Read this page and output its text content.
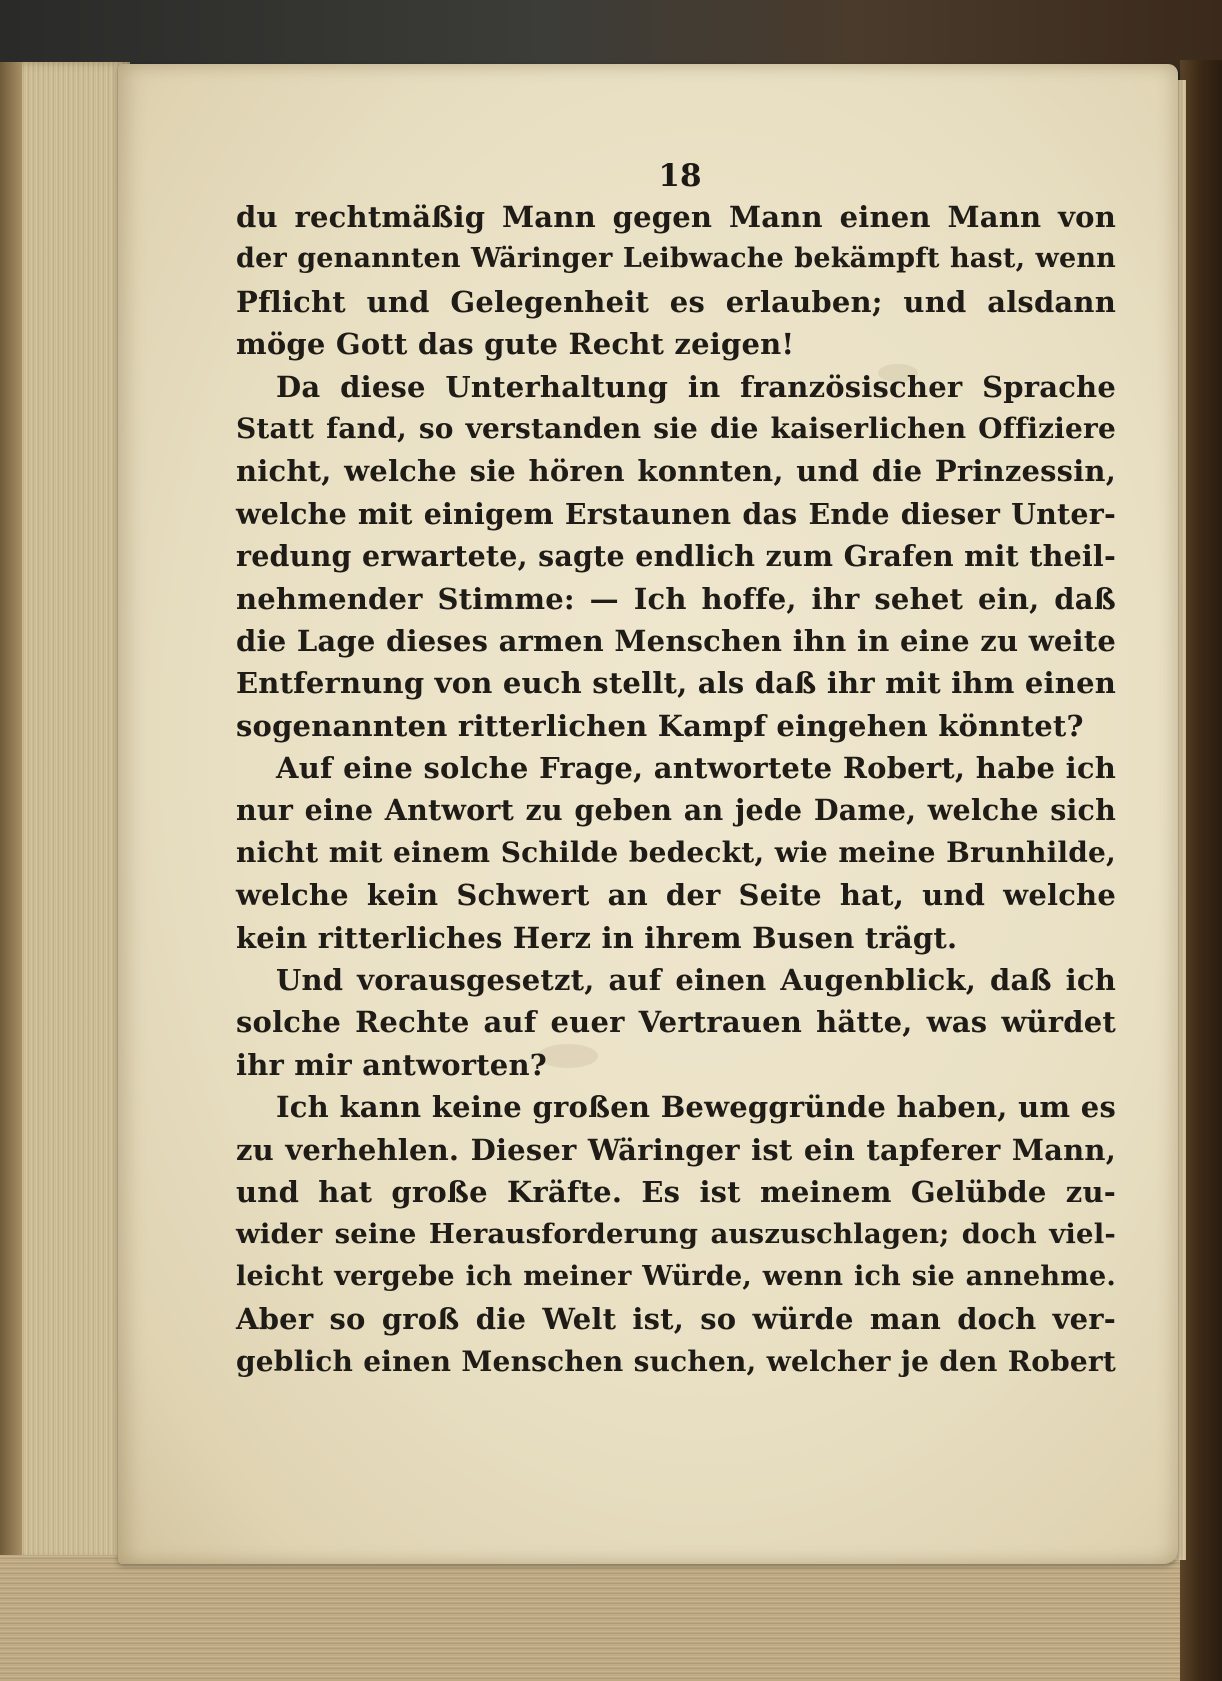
18
du rechtmäßig Mann gegen Mann einen Mann von
der genannten Wäringer Leibwache bekämpft hast, wenn
Pflicht und Gelegenheit es erlauben; und alsdann
möge Gott das gute Recht zeigen!
Da diese Unterhaltung in französischer Sprache
Statt fand, so verstanden sie die kaiserlichen Offiziere
nicht, welche sie hören konnten, und die Prinzessin,
welche mit einigem Erstaunen das Ende dieser Unter-
redung erwartete, sagte endlich zum Grafen mit theil-
nehmender Stimme: — Ich hoffe, ihr sehet ein, daß
die Lage dieses armen Menschen ihn in eine zu weite
Entfernung von euch stellt, als daß ihr mit ihm einen
sogenannten ritterlichen Kampf eingehen könntet?
Auf eine solche Frage, antwortete Robert, habe ich
nur eine Antwort zu geben an jede Dame, welche sich
nicht mit einem Schilde bedeckt, wie meine Brunhilde,
welche kein Schwert an der Seite hat, und welche
kein ritterliches Herz in ihrem Busen trägt.
Und vorausgesetzt, auf einen Augenblick, daß ich
solche Rechte auf euer Vertrauen hätte, was würdet
ihr mir antworten?
Ich kann keine großen Beweggründe haben, um es
zu verhehlen. Dieser Wäringer ist ein tapferer Mann,
und hat große Kräfte. Es ist meinem Gelübde zu-
wider seine Herausforderung auszuschlagen; doch viel-
leicht vergebe ich meiner Würde, wenn ich sie annehme.
Aber so groß die Welt ist, so würde man doch ver-
geblich einen Menschen suchen, welcher je den Robert
